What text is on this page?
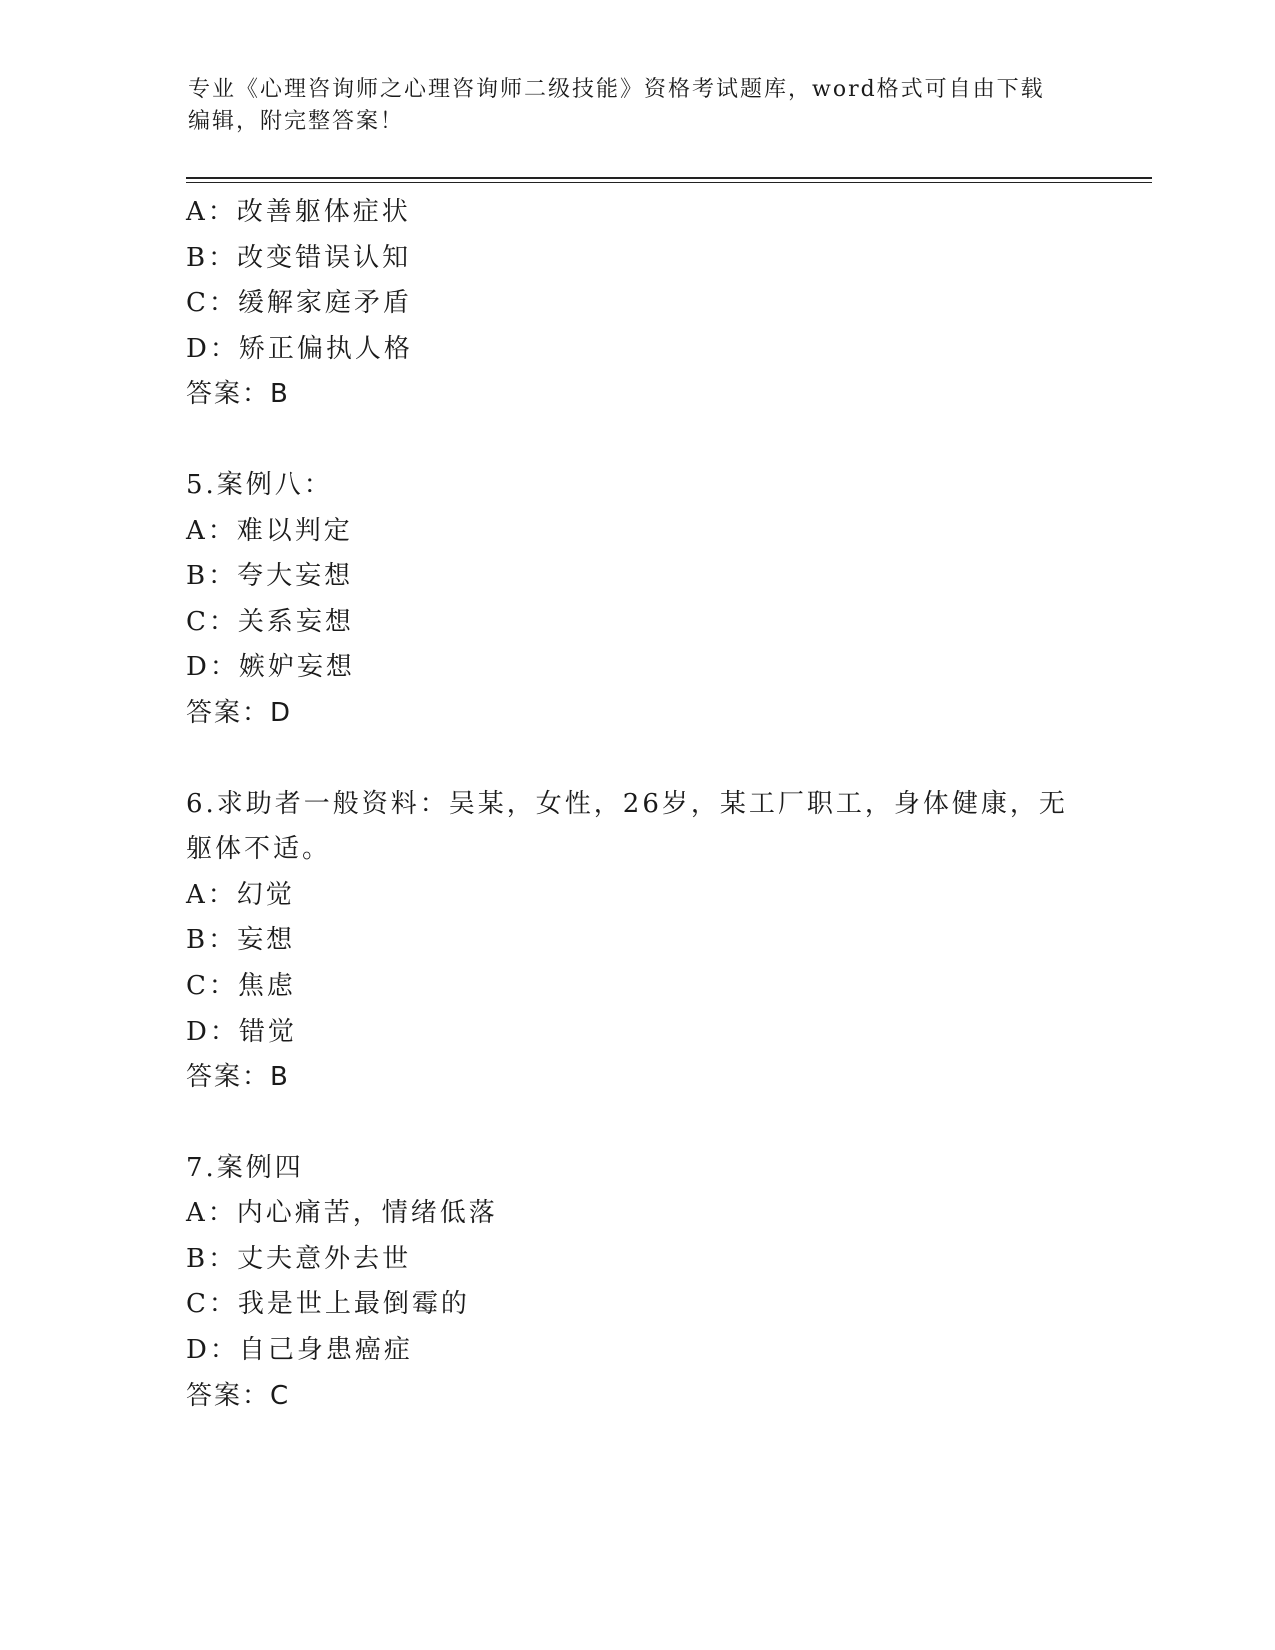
专业《心理咨询师之心理咨询师二级技能》资格考试题库，word格式可自由下载
编辑，附完整答案！
A：改善躯体症状
B：改变错误认知
C：缓解家庭矛盾
D：矫正偏执人格
答案：B
5.案例八：
A：难以判定
B：夸大妄想
C：关系妄想
D：嫉妒妄想
答案：D
6.求助者一般资料：吴某，女性，26岁，某工厂职工，身体健康，无
躯体不适。
A：幻觉
B：妄想
C：焦虑
D：错觉
答案：B
7.案例四
A：内心痛苦，情绪低落
B：丈夫意外去世
C：我是世上最倒霉的
D：自己身患癌症
答案：C
